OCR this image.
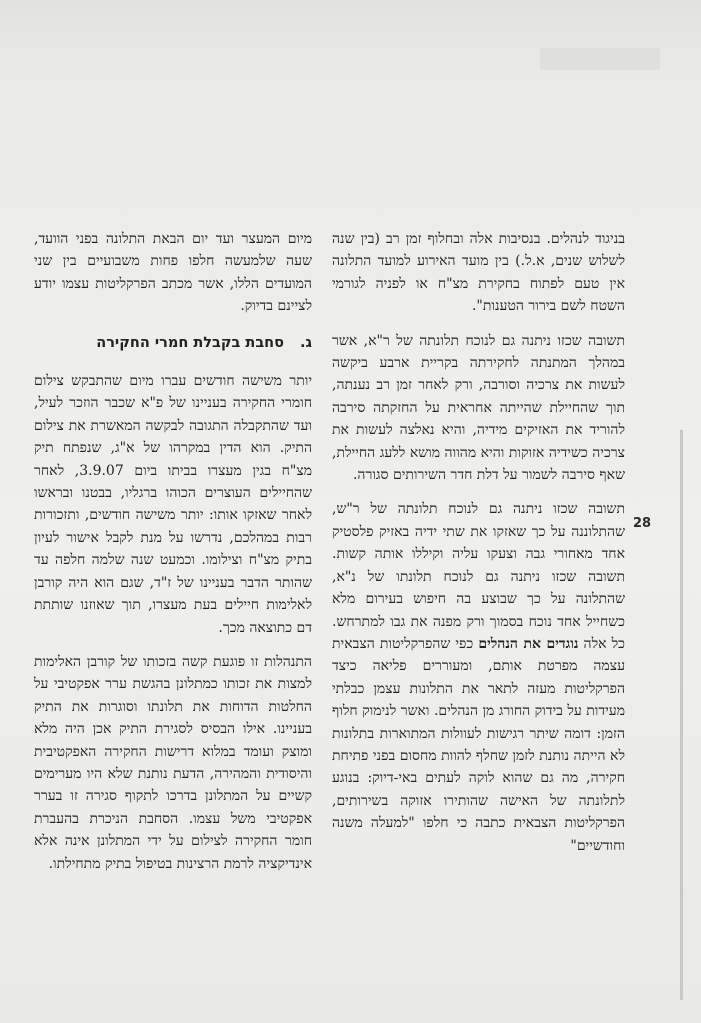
28

בניגוד לנהלים. בנסיבות אלה ובחלוף זמן רב (בין שנה לשלוש שנים, א.ל.) בין מועד האירוע למועד התלונה אין טעם לפתוח בחקירת מצ"ח או לפניה לגורמי השטח לשם בירור הטענות".

תשובה שכזו ניתנה גם לנוכח תלונתה של ר"א, אשר במהלך המתנתה לחקירתה בקריית ארבע ביקשה לעשות את צרכיה וסורבה, ורק לאחר זמן רב נענתה, תוך שהחיילת שהייתה אחראית על החזקתה סירבה להוריד את האזיקים מידיה, והיא נאלצה לעשות את צרכיה כשידיה אזוקות והיא מהווה מושא ללעג החיילת, שאף סירבה לשמור על דלת חדר השירותים סגורה.

תשובה שכזו ניתנה גם לנוכח תלונתה של ר"ש, שהתלוננה על כך שאזקו את שתי ידיה באזיק פלסטיק אחד מאחורי גבה וצעקו עליה וקיללו אותה קשות. תשובה שכזו ניתנה גם לנוכח תלונתו של נ"א, שהתלונה על כך שבוצע בה חיפוש בעירום מלא כשחייל אחד נוכח בסמוך ורק מפנה את גבו למתרחש. כל אלה נוגדים את הנהלים כפי שהפרקליטות הצבאית עצמה מפרטת אותם, ומעוררים פליאה כיצד הפרקליטות מעזה לתאר את התלונות עצמן כבלתי מעידות על בידוק החורג מן הנהלים. ואשר לנימוק חלוף הזמן: דומה שיתר רגישות לעוולות המתוארות בתלונות לא הייתה נותנת לזמן שחלף להוות מחסום בפני פתיחת חקירה, מה גם שהוא לוקה לעתים באי-דיוק: בנוגע לתלונתה של האישה שהותירו אזוקה בשירותים, הפרקליטות הצבאית כתבה כי חלפו "למעלה משנה וחודשיים"

מיום המעצר ועד יום הבאת התלונה בפני הוועד, שעה שלמעשה חלפו פחות משבועיים בין שני המועדים הללו, אשר מכתב הפרקליטות עצמו יודע לציינם בדיוק.

ג.סחבת בקבלת חמרי החקירה

יותר משישה חודשים עברו מיום שהתבקש צילום חומרי החקירה בעניינו של פ"א שכבר הוזכר לעיל, ועד שהתקבלה התגובה לבקשה המאשרת את צילום התיק. הוא הדין במקרהו של א"ג, שנפתח תיק מצ"ח בגין מעצרו בביתו ביום 3.9.07, לאחר שהחיילים העוצרים הכוהו ברגליו, בבטנו ובראשו לאחר שאזקו אותו: יותר משישה חודשים, ותזכורות רבות במהלכם, נדרשו על מנת לקבל אישור לעיון בתיק מצ"ח וצילומו. וכמעט שנה שלמה חלפה עד שהותר הדבר בעניינו של ז"ד, שגם הוא היה קורבן לאלימות חיילים בעת מעצרו, תוך שאוזנו שותתת דם כתוצאה מכך.

התנהלות זו פוגעת קשה בזכותו של קורבן האלימות למצות את זכותו כמתלונן בהגשת ערר אפקטיבי על החלטות הדוחות את תלונתו וסוגרות את התיק בעניינו. אילו הבסיס לסגירת התיק אכן היה מלא ומוצק ועומד במלוא דרישות החקירה האפקטיבית והיסודית והמהירה, הדעת נותנת שלא היו מערימים קשיים על המתלונן בדרכו לתקוף סגירה זו בערר אפקטיבי משל עצמו. הסחבת הניכרת בהעברת חומר החקירה לצילום על ידי המתלונן אינה אלא אינדיקציה לרמת הרצינות בטיפול בתיק מתחילתו.
